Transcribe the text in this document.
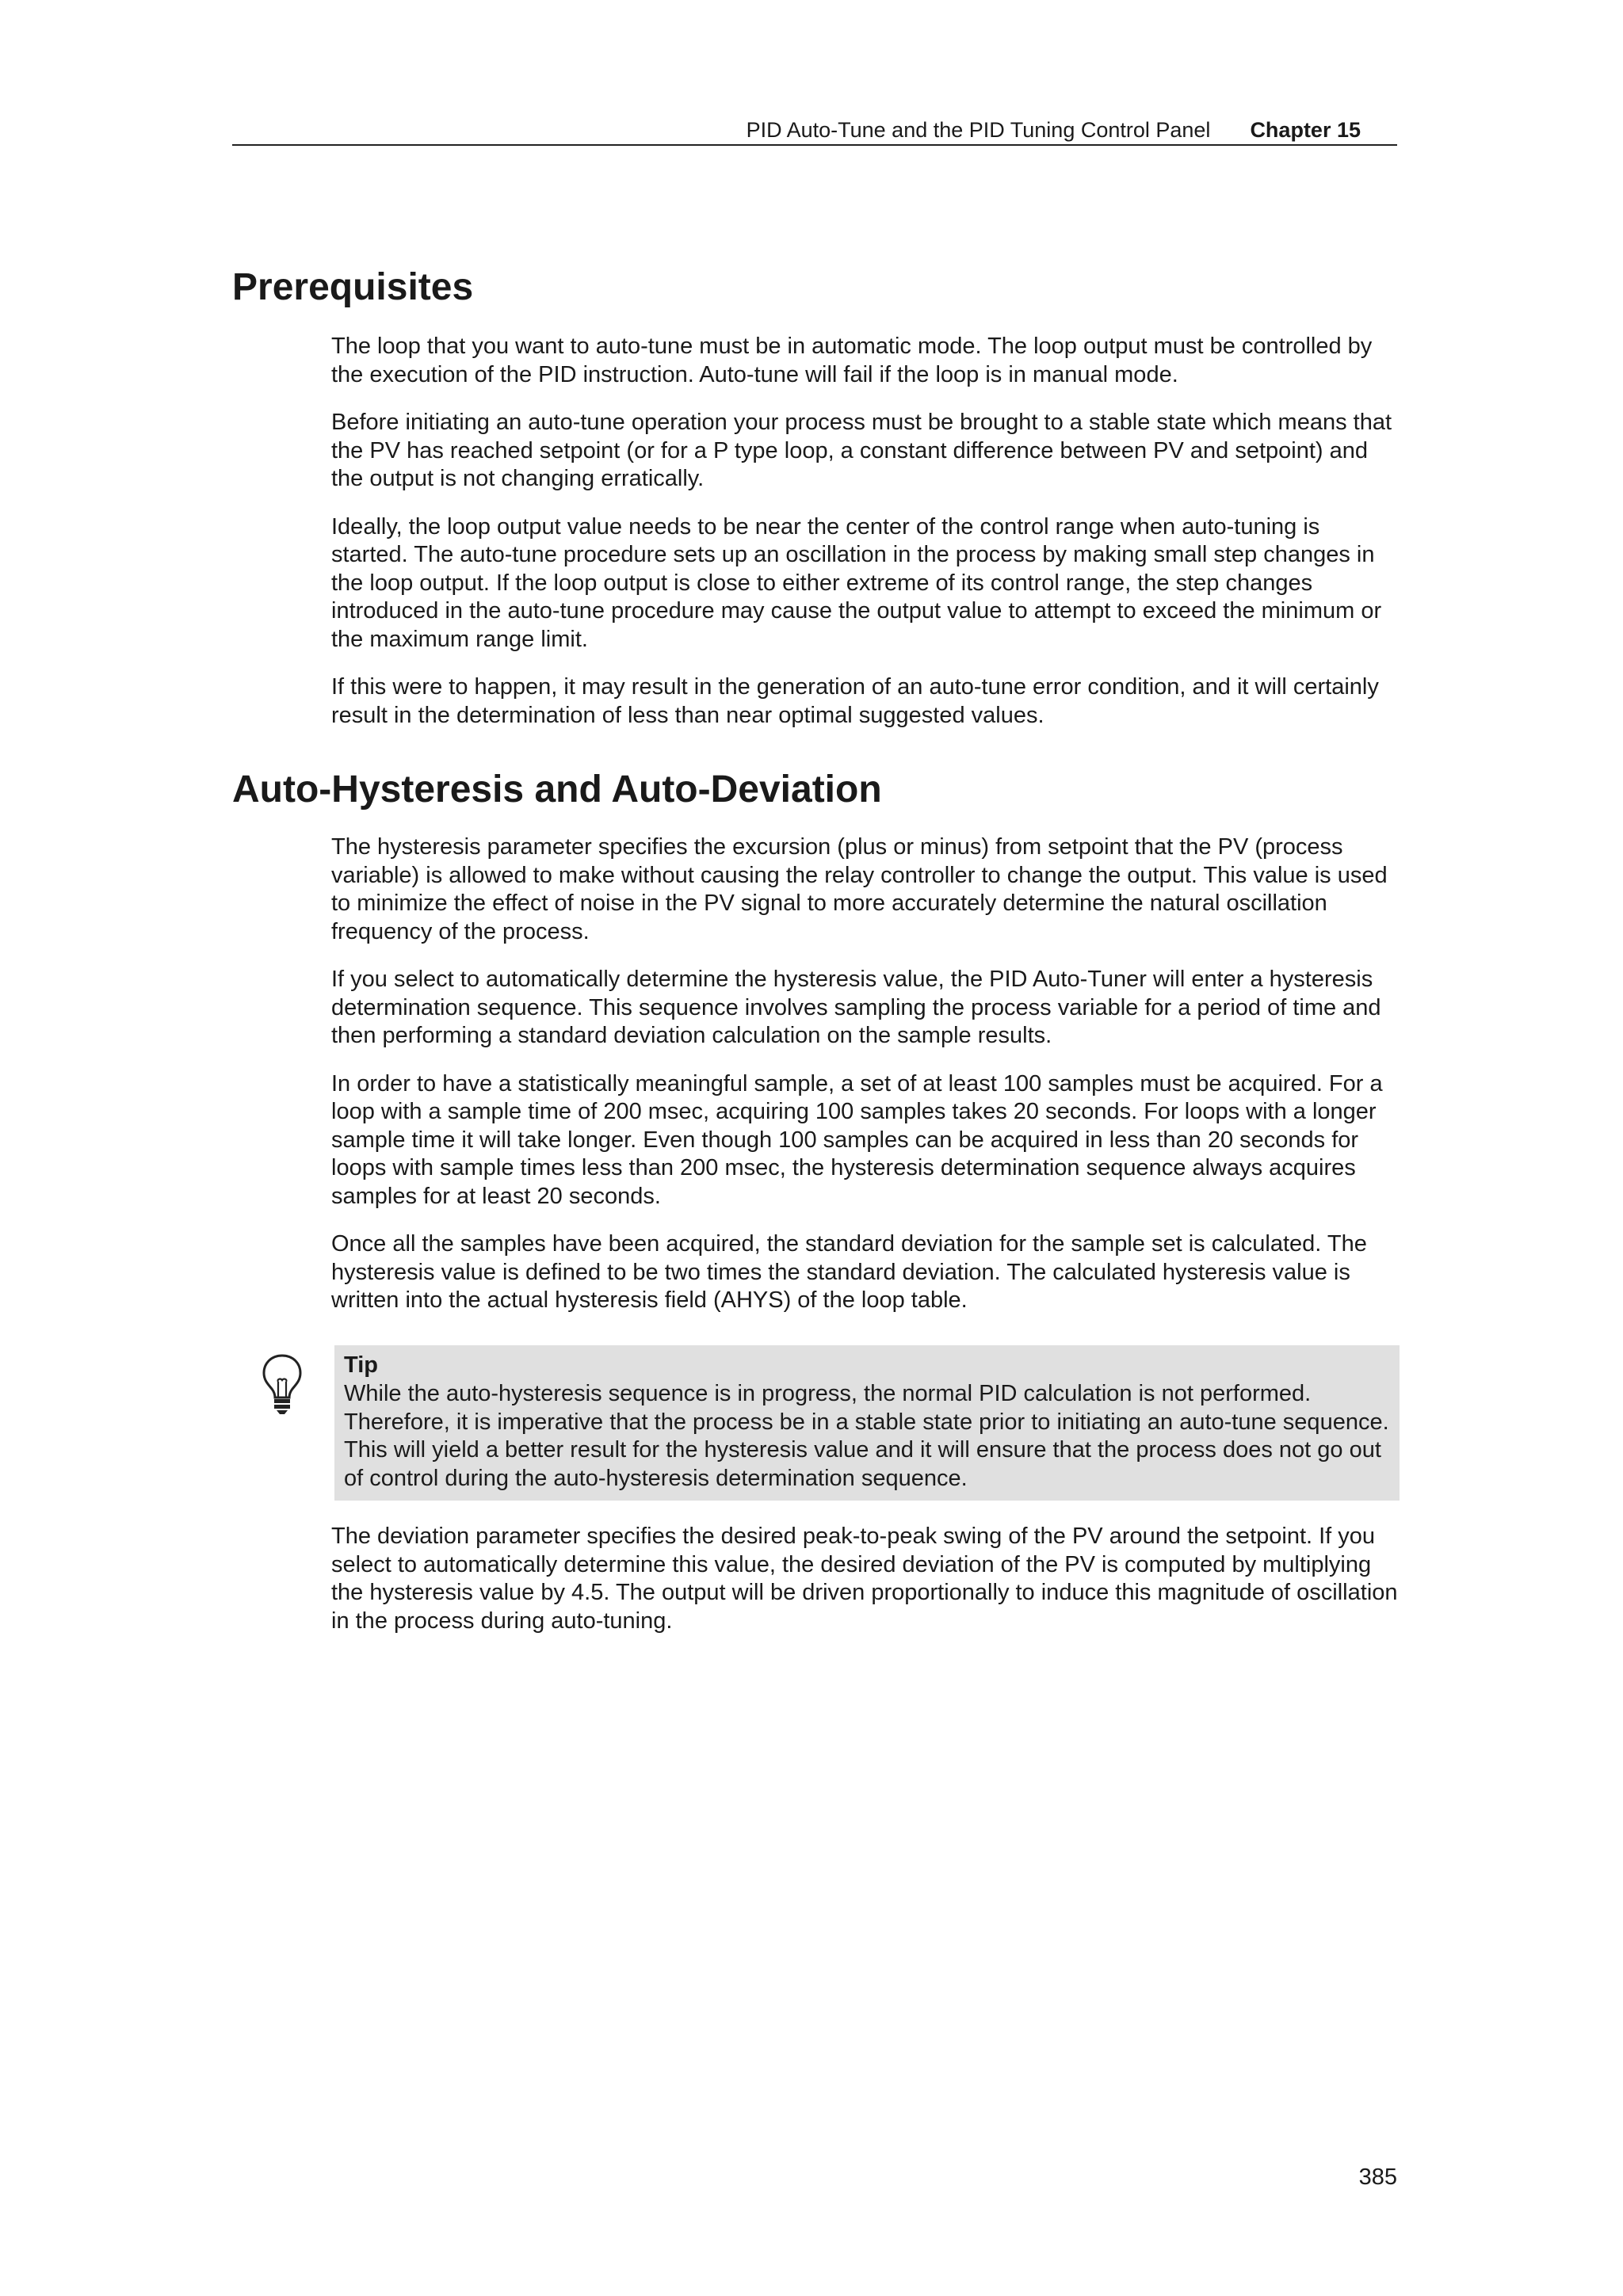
PID Auto-Tune and the PID Tuning Control Panel Chapter 15
Prerequisites

The loop that you want to auto-tune must be in automatic mode. The loop output must be controlled by the execution of the PID instruction. Auto-tune will fail if the loop is in manual mode.

Before initiating an auto-tune operation your process must be brought to a stable state which means that the PV has reached setpoint (or for a P type loop, a constant difference between PV and setpoint) and the output is not changing erratically.

Ideally, the loop output value needs to be near the center of the control range when auto-tuning is started. The auto-tune procedure sets up an oscillation in the process by making small step changes in the loop output. If the loop output is close to either extreme of its control range, the step changes introduced in the auto-tune procedure may cause the output value to attempt to exceed the minimum or the maximum range limit.

If this were to happen, it may result in the generation of an auto-tune error condition, and it will certainly result in the determination of less than near optimal suggested values.

Auto-Hysteresis and Auto-Deviation

The hysteresis parameter specifies the excursion (plus or minus) from setpoint that the PV (process variable) is allowed to make without causing the relay controller to change the output. This value is used to minimize the effect of noise in the PV signal to more accurately determine the natural oscillation frequency of the process.

If you select to automatically determine the hysteresis value, the PID Auto-Tuner will enter a hysteresis determination sequence. This sequence involves sampling the process variable for a period of time and then performing a standard deviation calculation on the sample results.

In order to have a statistically meaningful sample, a set of at least 100 samples must be acquired. For a loop with a sample time of 200 msec, acquiring 100 samples takes 20 seconds. For loops with a longer sample time it will take longer. Even though 100 samples can be acquired in less than 20 seconds for loops with sample times less than 200 msec, the hysteresis determination sequence always acquires samples for at least 20 seconds.

Once all the samples have been acquired, the standard deviation for the sample set is calculated. The hysteresis value is defined to be two times the standard deviation. The calculated hysteresis value is written into the actual hysteresis field (AHYS) of the loop table.

Tip

While the auto-hysteresis sequence is in progress, the normal PID calculation is not performed. Therefore, it is imperative that the process be in a stable state prior to initiating an auto-tune sequence. This will yield a better result for the hysteresis value and it will ensure that the process does not go out of control during the auto-hysteresis determination sequence.

The deviation parameter specifies the desired peak-to-peak swing of the PV around the setpoint. If you select to automatically determine this value, the desired deviation of the PV is computed by multiplying the hysteresis value by 4.5. The output will be driven proportionally to induce this magnitude of oscillation in the process during auto-tuning.

385
